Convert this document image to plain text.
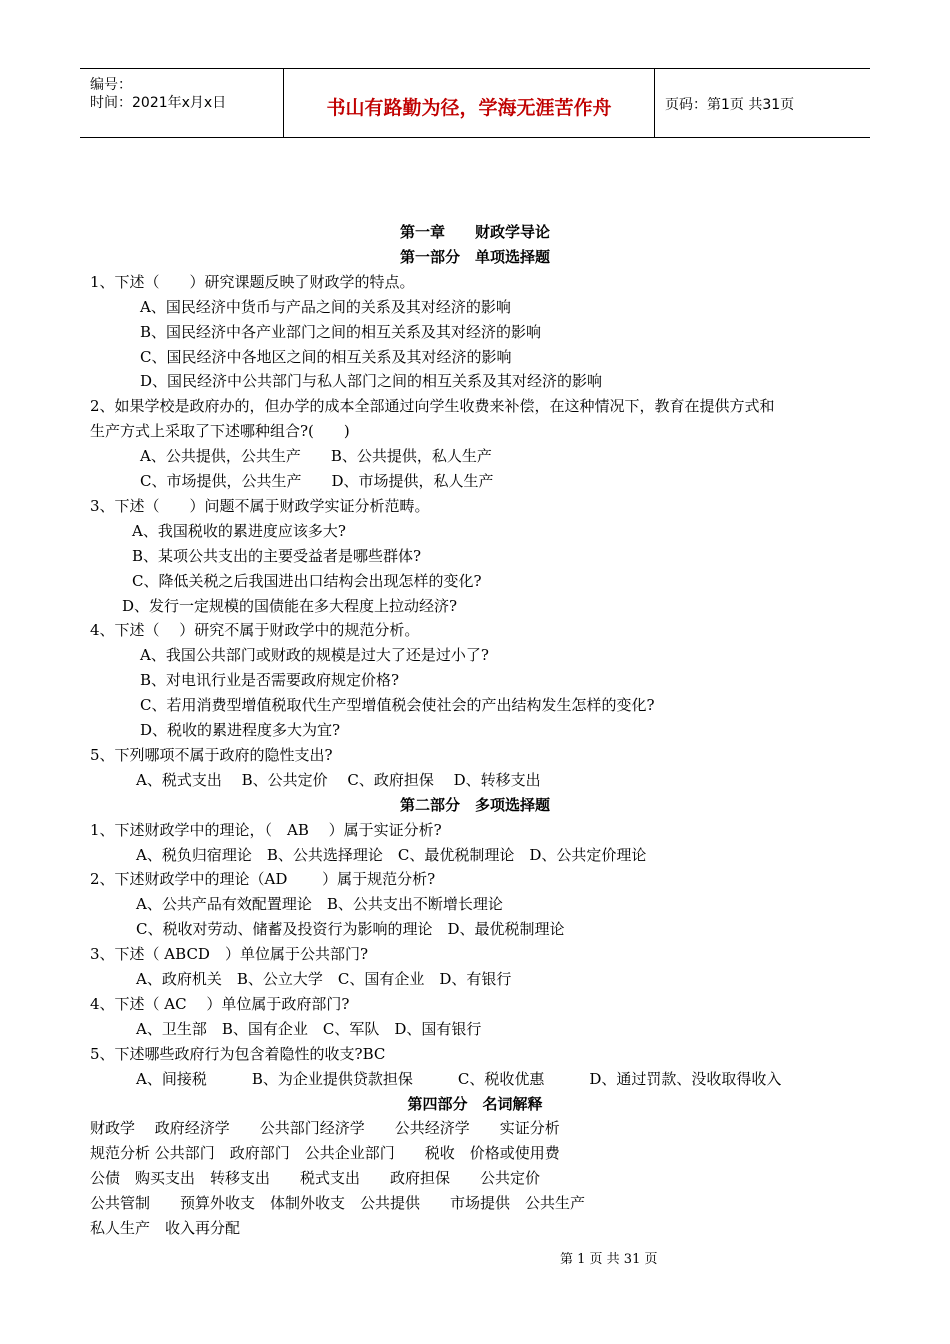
编号：
时间：2021年x月x日	书山有路勤为径，学海无涯苦作舟	页码：第1页 共31页
第一章　　财政学导论
第一部分　单项选择题
1、下述（　　）研究课题反映了财政学的特点。
A、国民经济中货币与产品之间的关系及其对经济的影响
B、国民经济中各产业部门之间的相互关系及其对经济的影响
C、国民经济中各地区之间的相互关系及其对经济的影响
D、国民经济中公共部门与私人部门之间的相互关系及其对经济的影响
2、如果学校是政府办的，但办学的成本全部通过向学生收费来补偿，在这种情况下，教育在提供方式和
生产方式上采取了下述哪种组合?(　　)
A、公共提供，公共生产　　B、公共提供，私人生产
C、市场提供，公共生产　　D、市场提供，私人生产
3、下述（　　）问题不属于财政学实证分析范畴。
A、我国税收的累进度应该多大?
B、某项公共支出的主要受益者是哪些群体?
C、降低关税之后我国进出口结构会出现怎样的变化?
D、发行一定规模的国债能在多大程度上拉动经济?
4、下述（　 ）研究不属于财政学中的规范分析。
A、我国公共部门或财政的规模是过大了还是过小了?
B、对电讯行业是否需要政府规定价格?
C、若用消费型增值税取代生产型增值税会使社会的产出结构发生怎样的变化?
D、税收的累进程度多大为宜?
5、下列哪项不属于政府的隐性支出?
A、税式支出　 B、公共定价　 C、政府担保　 D、转移支出
第二部分　多项选择题
1、下述财政学中的理论，（　AB　 ）属于实证分析?
A、税负归宿理论　B、公共选择理论　C、最优税制理论　D、公共定价理论
2、下述财政学中的理论（AD　　 ）属于规范分析?
A、公共产品有效配置理论　B、公共支出不断增长理论
C、税收对劳动、储蓄及投资行为影响的理论　D、最优税制理论
3、下述（ ABCD　）单位属于公共部门?
A、政府机关　B、公立大学　C、国有企业　D、有银行
4、下述（ AC　 ）单位属于政府部门?
A、卫生部　B、国有企业　C、军队　D、国有银行
5、下述哪些政府行为包含着隐性的收支?BC
A、间接税　　　B、为企业提供贷款担保　　　C、税收优惠　　　D、通过罚款、没收取得收入
第四部分　名词解释
财政学　 政府经济学　　公共部门经济学　　公共经济学　　实证分析
规范分析 公共部门　政府部门　公共企业部门　　税收　价格或使用费
公债　购买支出　转移支出　　税式支出　　政府担保　　公共定价
公共管制　　预算外收支　体制外收支　公共提供　　市场提供　公共生产
私人生产　收入再分配
第 1 页 共 31 页
